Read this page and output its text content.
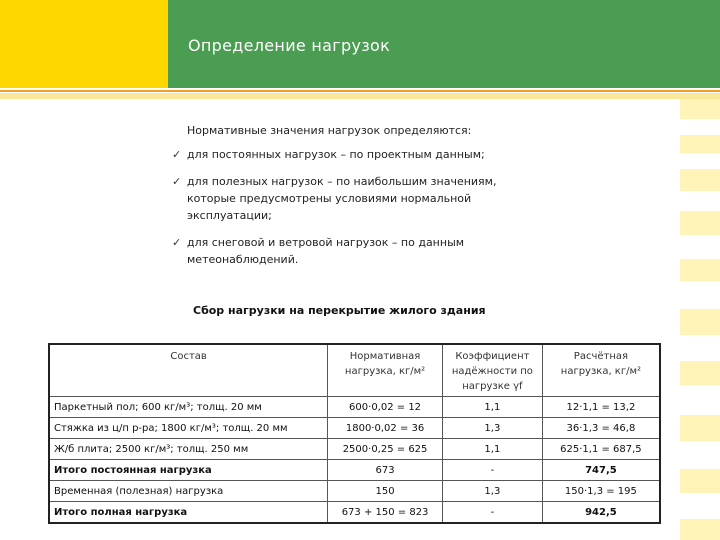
Определение нагрузок
Нормативные значения нагрузок определяются:
✓ для постоянных нагрузок – по проектным данным;
✓ для полезных нагрузок – по наибольшим значениям, которые предусмотрены условиями нормальной эксплуатации;
✓ для снеговой и ветровой нагрузок – по данным метеонаблюдений.
Сбор нагрузки на перекрытие жилого здания
Состав	Нормативная нагрузка, кг/м²	Коэффициент надёжности по нагрузке γf	Расчётная нагрузка, кг/м²
Паркетный пол; 600 кг/м³; толщ. 20 мм	600·0,02 = 12	1,1	12·1,1 = 13,2
Стяжка из ц/п р-ра; 1800 кг/м³; толщ. 20 мм	1800·0,02 = 36	1,3	36·1,3 = 46,8
Ж/б плита; 2500 кг/м³; толщ. 250 мм	2500·0,25 = 625	1,1	625·1,1 = 687,5
Итого постоянная нагрузка	673	-	747,5
Временная (полезная) нагрузка	150	1,3	150·1,3 = 195
Итого полная нагрузка	673 + 150 = 823	-	942,5
